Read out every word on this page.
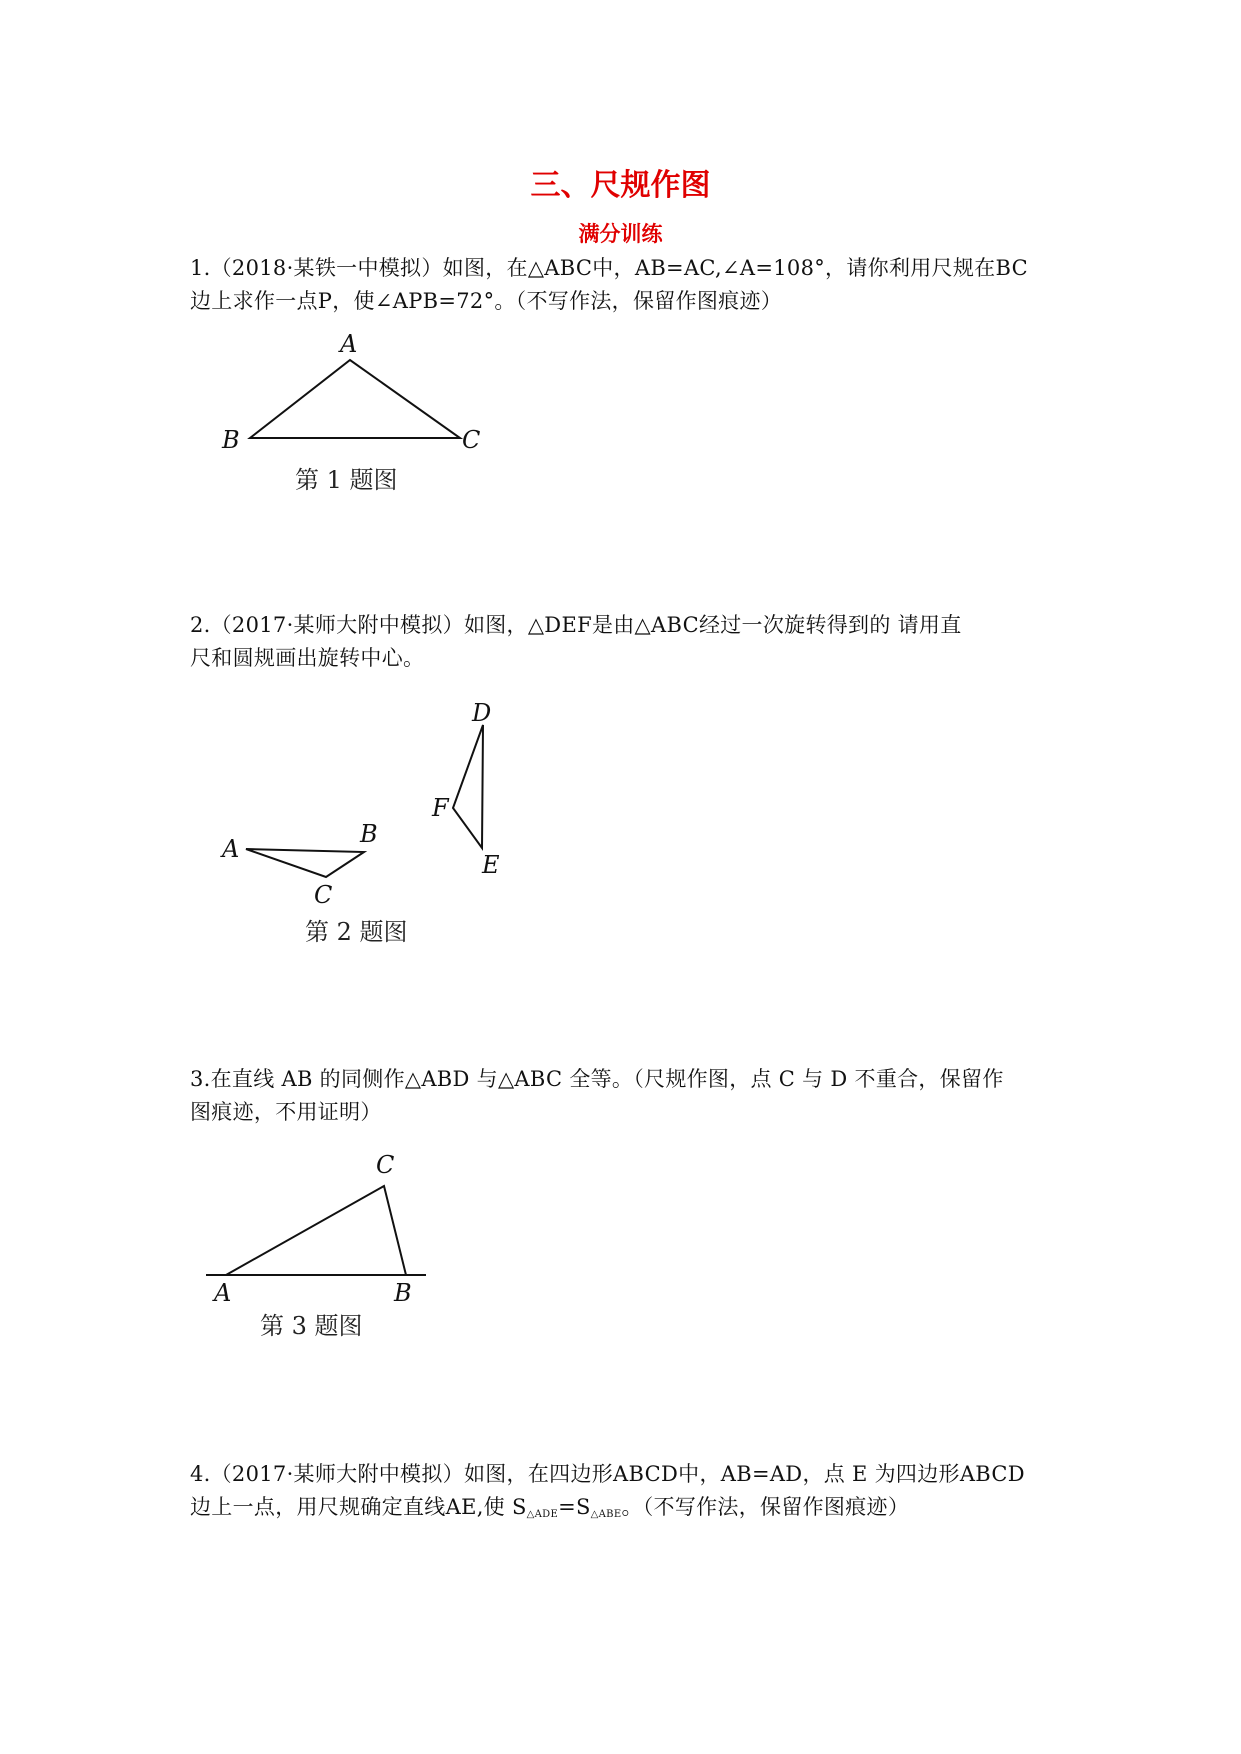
三、尺规作图
满分训练
1.（2018·某铁一中模拟）如图，在△ABC中，AB=AC,∠A=108°，请你利用尺规在BC
边上求作一点P，使∠APB=72°。（不写作法，保留作图痕迹）
A
B	C
第 1 题图
2.（2017·某师大附中模拟）如图，△DEF是由△ABC经过一次旋转得到的 请用直
尺和圆规画出旋转中心。
A
B
C
D
E
F
第 2 题图
3.在直线 AB 的同侧作△ABD 与△ABC 全等。（尺规作图，点 C 与 D 不重合，保留作
图痕迹，不用证明）
C
A	B
第 3 题图
4.（2017·某师大附中模拟）如图，在四边形ABCD中，AB=AD，点 E 为四边形ABCD
边上一点，用尺规确定直线AE,使 $S_{\triangle ADE}=S_{\triangle ABE}$。（不写作法，保留作图痕迹）
